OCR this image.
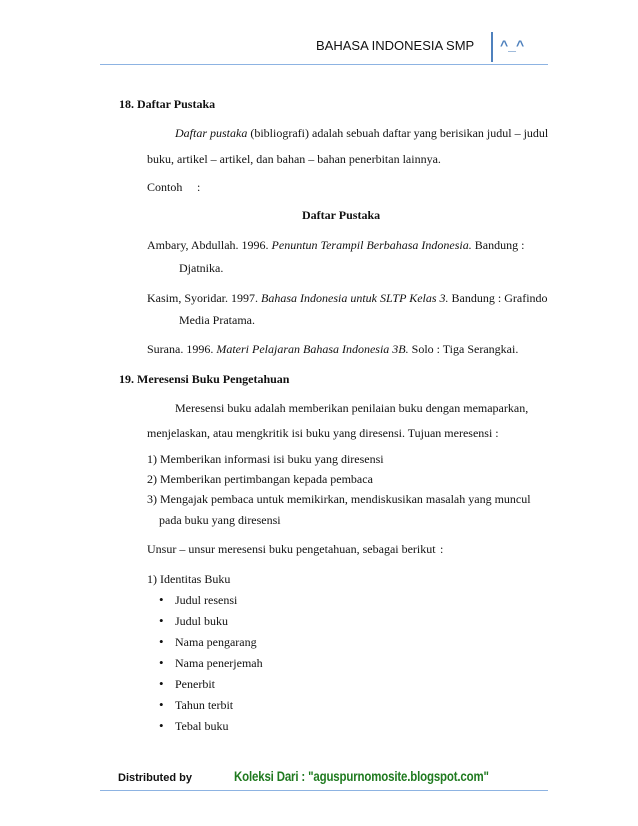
BAHASA INDONESIA SMP ^_^
18. Daftar Pustaka
Daftar pustaka (bibliografi) adalah sebuah daftar yang berisikan judul – judul
buku, artikel – artikel, dan bahan – bahan penerbitan lainnya.
Contoh :
Daftar Pustaka
Ambary, Abdullah. 1996. Penuntun Terampil Berbahasa Indonesia. Bandung :
Djatnika.
Kasim, Syoridar. 1997. Bahasa Indonesia untuk SLTP Kelas 3. Bandung : Grafindo
Media Pratama.
Surana. 1996. Materi Pelajaran Bahasa Indonesia 3B. Solo : Tiga Serangkai.
19. Meresensi Buku Pengetahuan
Meresensi buku adalah memberikan penilaian buku dengan memaparkan,
menjelaskan, atau mengkritik isi buku yang diresensi. Tujuan meresensi :
1) Memberikan informasi isi buku yang diresensi
2) Memberikan pertimbangan kepada pembaca
3) Mengajak pembaca untuk memikirkan, mendiskusikan masalah yang muncul
pada buku yang diresensi
Unsur – unsur meresensi buku pengetahuan, sebagai berikut :
1) Identitas Buku
• Judul resensi
• Judul buku
• Nama pengarang
• Nama penerjemah
• Penerbit
• Tahun terbit
• Tebal buku
Distributed by	Koleksi Dari : "aguspurnomosite.blogspot.com"
